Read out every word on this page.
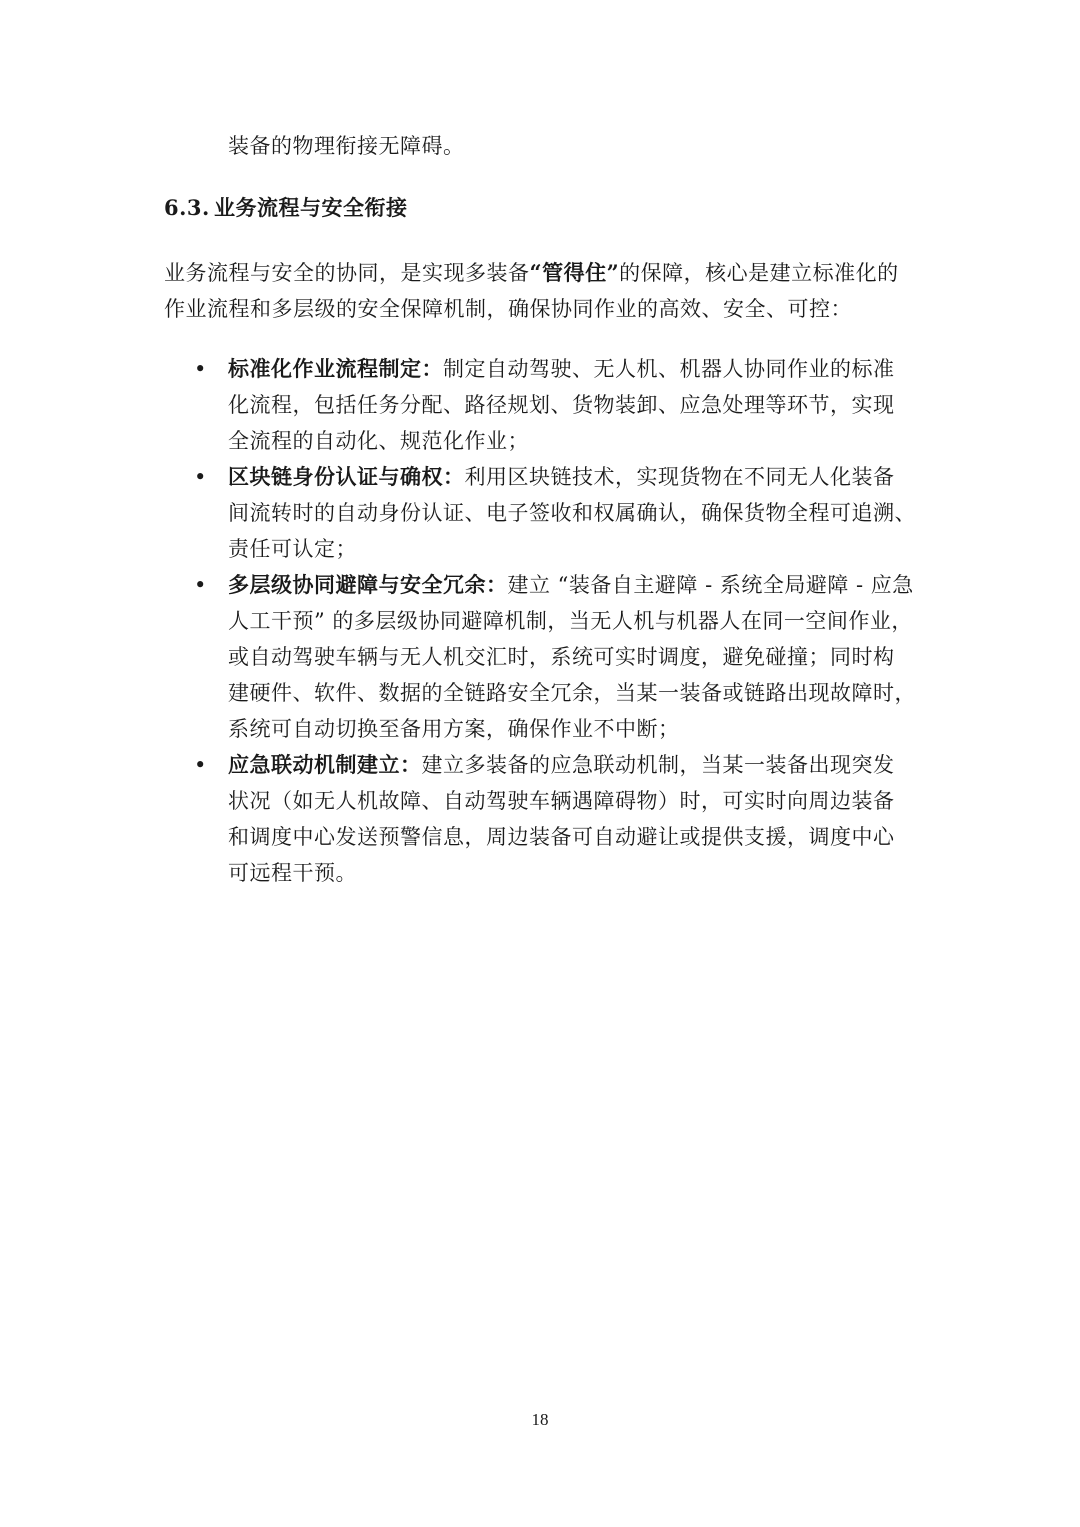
装备的物理衔接无障碍。
6.3. 业务流程与安全衔接
业务流程与安全的协同，是实现多装备“管得住”的保障，核心是建立标准化的
作业流程和多层级的安全保障机制，确保协同作业的高效、安全、可控：
• 标准化作业流程制定：制定自动驾驶、无人机、机器人协同作业的标准
化流程，包括任务分配、路径规划、货物装卸、应急处理等环节，实现
全流程的自动化、规范化作业；
• 区块链身份认证与确权：利用区块链技术，实现货物在不同无人化装备
间流转时的自动身份认证、电子签收和权属确认，确保货物全程可追溯、
责任可认定；
• 多层级协同避障与安全冗余：建立 “装备自主避障 - 系统全局避障 - 应急
人工干预” 的多层级协同避障机制，当无人机与机器人在同一空间作业，
或自动驾驶车辆与无人机交汇时，系统可实时调度，避免碰撞；同时构
建硬件、软件、数据的全链路安全冗余，当某一装备或链路出现故障时，
系统可自动切换至备用方案，确保作业不中断；
• 应急联动机制建立：建立多装备的应急联动机制，当某一装备出现突发
状况（如无人机故障、自动驾驶车辆遇障碍物）时，可实时向周边装备
和调度中心发送预警信息，周边装备可自动避让或提供支援，调度中心
可远程干预。
18
